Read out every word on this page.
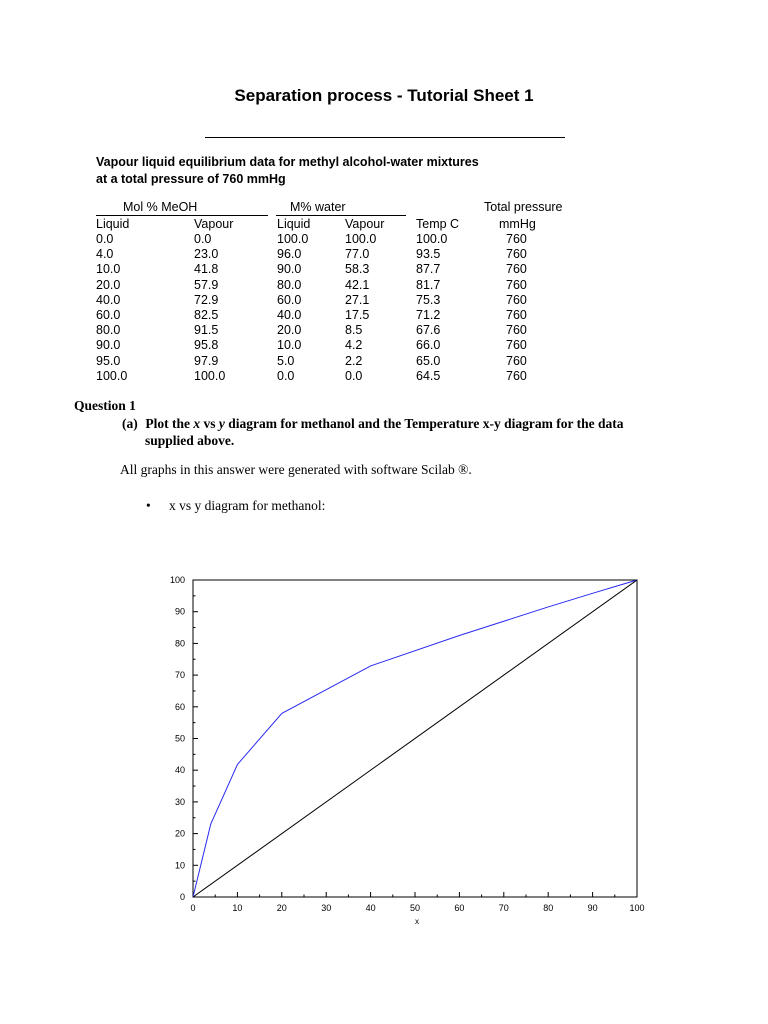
Separation process - Tutorial Sheet 1
Vapour liquid equilibrium data for methyl alcohol-water mixtures
at a total pressure of 760 mmHg
Mol % MeOH	M% water	Total pressure
Liquid	Vapour	Liquid	Vapour	Temp C	mmHg
0.0	0.0	100.0	100.0	100.0	760
4.0	23.0	96.0	77.0	93.5	760
10.0	41.8	90.0	58.3	87.7	760
20.0	57.9	80.0	42.1	81.7	760
40.0	72.9	60.0	27.1	75.3	760
60.0	82.5	40.0	17.5	71.2	760
80.0	91.5	20.0	8.5	67.6	760
90.0	95.8	10.0	4.2	66.0	760
95.0	97.9	5.0	2.2	65.0	760
100.0	100.0	0.0	0.0	64.5	760
Question 1
(a) Plot the x vs y diagram for methanol and the Temperature x-y diagram for the data
supplied above.
All graphs in this answer were generated with software Scilab ®.
• x vs y diagram for methanol:
0	10	20	30	40	50	60	70	80	90	100
0
10
20
30
40
50
60
70
80
90
100
x
